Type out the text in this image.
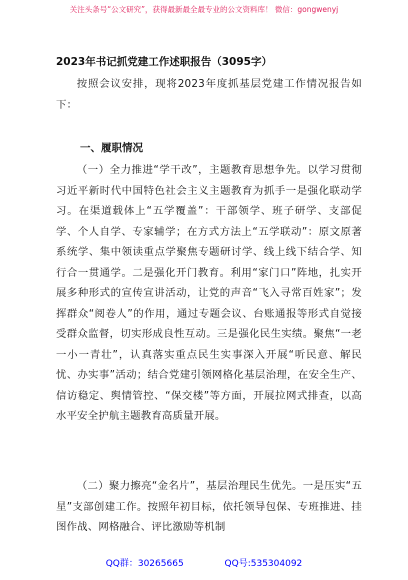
关注头条号“公文研究”，获得最新最全最专业的公文资料库！ 微信：gongwenyj
2023年书记抓党建工作述职报告（3095字）
按照会议安排，现将2023年度抓基层党建工作情况报告如下：
一、履职情况
（一）全力推进“学干改”，主题教育思想争先。以学习贯彻习近平新时代中国特色社会主义主题教育为抓手一是强化联动学习。在渠道载体上“五学覆盖”：干部领学、班子研学、支部促学、个人自学、专家辅学；在方式方法上“五学联动”：原文原著系统学、集中领读重点学聚焦专题研讨学、线上线下结合学、知行合一贯通学。二是强化开门教育。利用“家门口”阵地，扎实开展多种形式的宣传宣讲活动，让党的声音“飞入寻常百姓家”；发挥群众“阅卷人”的作用，通过专题会议、台账通报等形式自觉接受群众监督，切实形成良性互动。三是强化民生实绩。聚焦“一老一小一青壮”，认真落实重点民生实事深入开展“听民意、解民忧、办实事”活动；结合党建引领网格化基层治理，在安全生产、信访稳定、舆情管控、“保交楼”等方面，开展拉网式排查，以高水平安全护航主题教育高质量开展。
（二）聚力擦亮“金名片”，基层治理民生优先。一是压实“五星”支部创建工作。按照年初目标，依托领导包保、专班推进、挂图作战、网格融合、评比激励等机制
QQ群：30265665	QQ号:535304092
